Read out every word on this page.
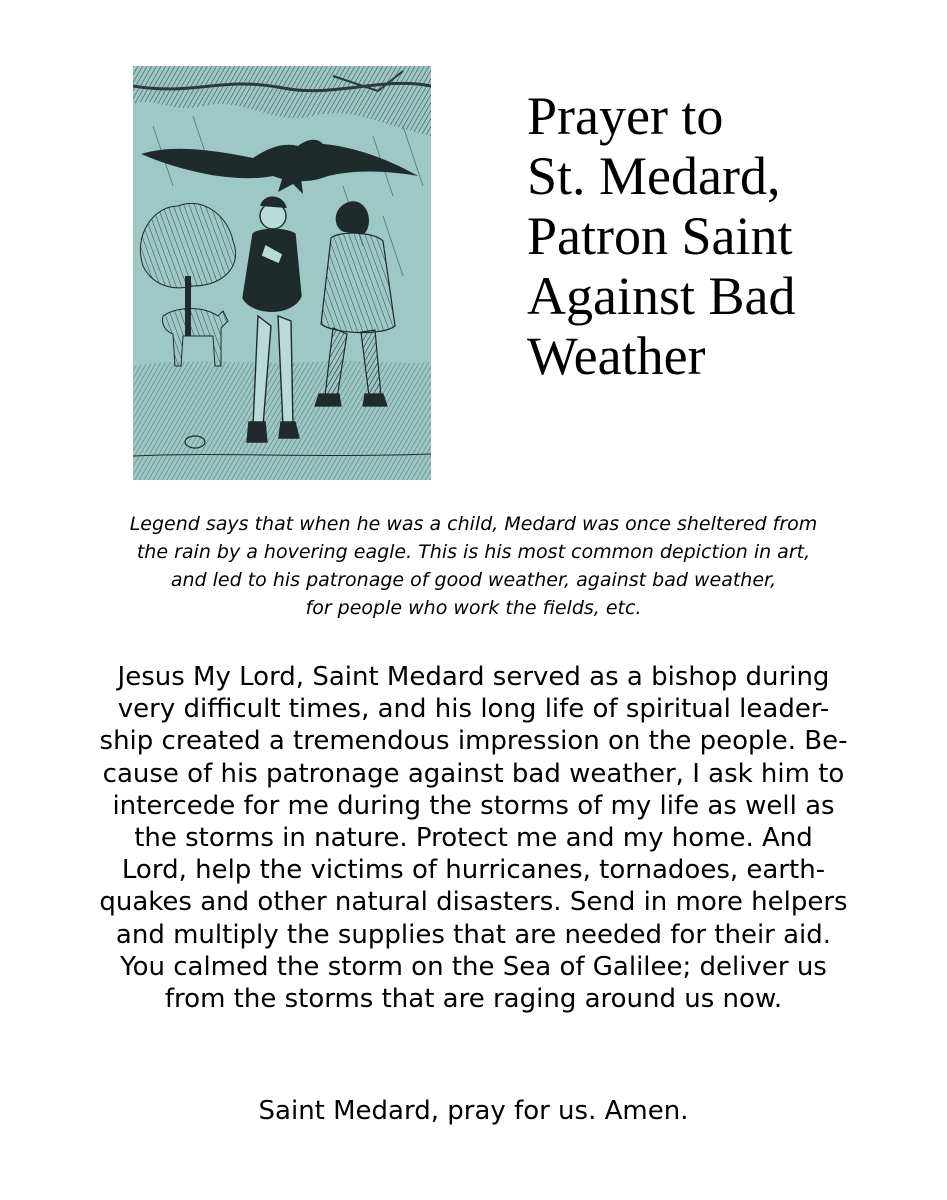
Prayer to
St. Medard,
Patron Saint
Against Bad
Weather
Legend says that when he was a child, Medard was once sheltered from
the rain by a hovering eagle. This is his most common depiction in art,
and led to his patronage of good weather, against bad weather,
for people who work the fields, etc.
Jesus My Lord, Saint Medard served as a bishop during
very difficult times, and his long life of spiritual leader-
ship created a tremendous impression on the people. Be-
cause of his patronage against bad weather, I ask him to
intercede for me during the storms of my life as well as
the storms in nature. Protect me and my home. And
Lord, help the victims of hurricanes, tornadoes, earth-
quakes and other natural disasters. Send in more helpers
and multiply the supplies that are needed for their aid.
You calmed the storm on the Sea of Galilee; deliver us
from the storms that are raging around us now.
Saint Medard, pray for us. Amen.
